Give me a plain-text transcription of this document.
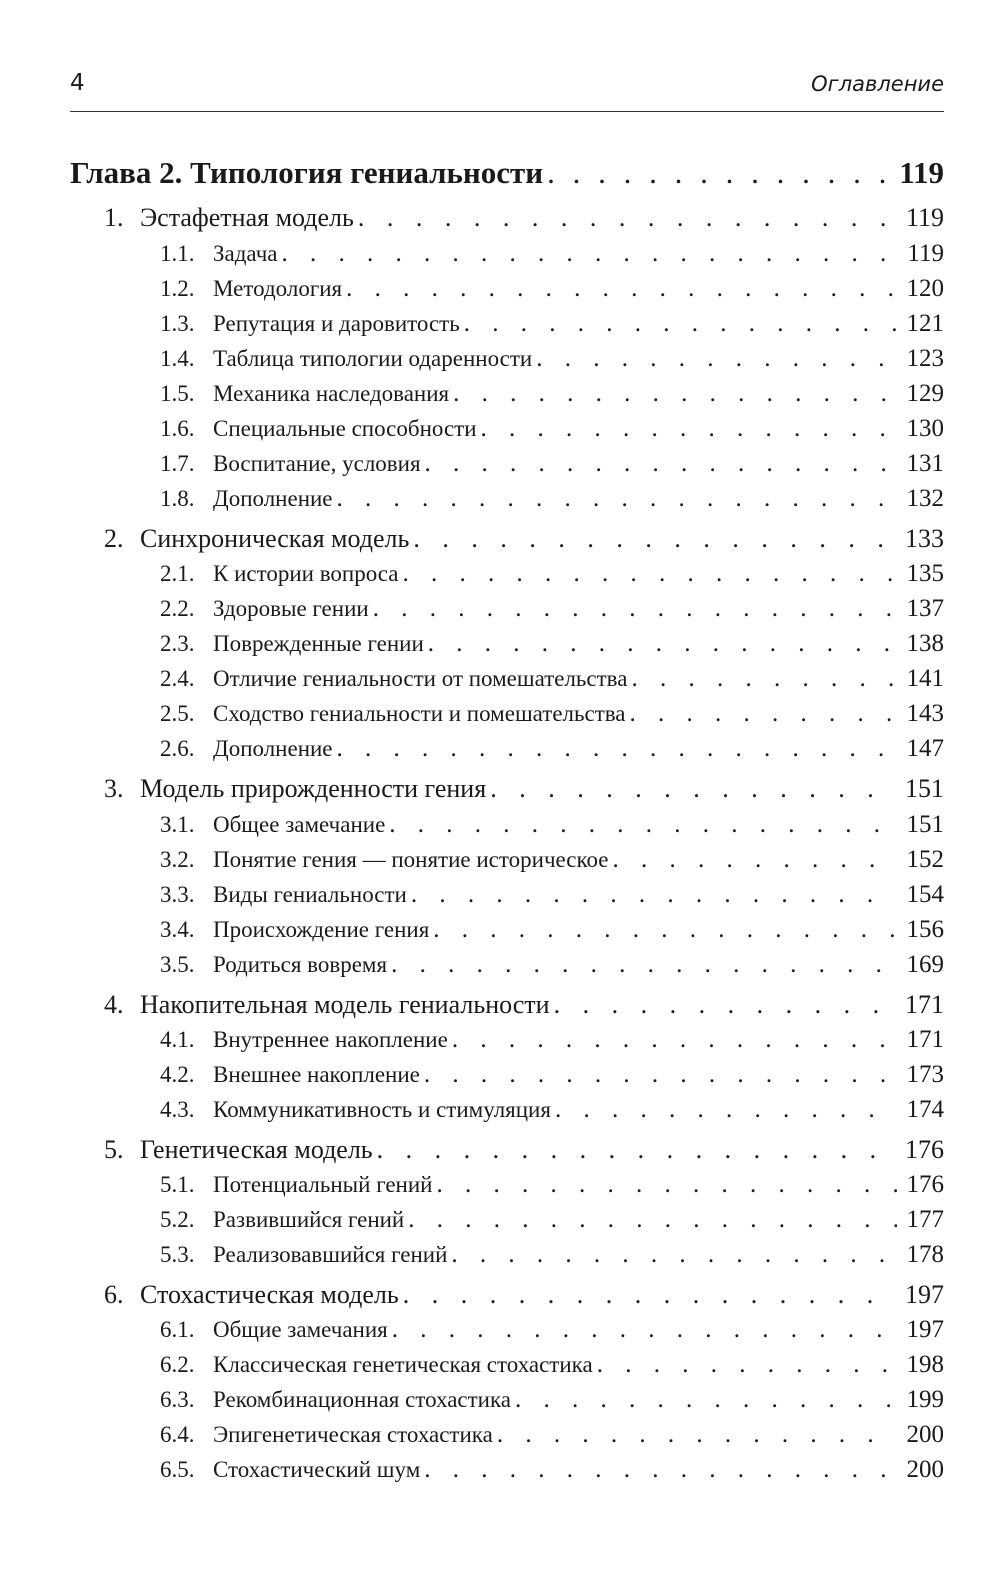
4	Оглавление
Глава 2. Типология гениальности . . .	119
1. Эстафетная модель . . .	119
1.1. Задача . . .	119
1.2. Методология . . .	120
1.3. Репутация и даровитость . . .	121
1.4. Таблица типологии одаренности . . .	123
1.5. Механика наследования . . .	129
1.6. Специальные способности . . .	130
1.7. Воспитание, условия . . .	131
1.8. Дополнение . . .	132
2. Синхроническая модель . . .	133
2.1. К истории вопроса . . .	135
2.2. Здоровые гении . . .	137
2.3. Поврежденные гении . . .	138
2.4. Отличие гениальности от помешательства . . .	141
2.5. Сходство гениальности и помешательства . . .	143
2.6. Дополнение . . .	147
3. Модель прирожденности гения . . .	151
3.1. Общее замечание . . .	151
3.2. Понятие гения — понятие историческое . . .	152
3.3. Виды гениальности . . .	154
3.4. Происхождение гения . . .	156
3.5. Родиться вовремя . . .	169
4. Накопительная модель гениальности . . .	171
4.1. Внутреннее накопление . . .	171
4.2. Внешнее накопление . . .	173
4.3. Коммуникативность и стимуляция . . .	174
5. Генетическая модель . . .	176
5.1. Потенциальный гений . . .	176
5.2. Развившийся гений . . .	177
5.3. Реализовавшийся гений . . .	178
6. Стохастическая модель . . .	197
6.1. Общие замечания . . .	197
6.2. Классическая генетическая стохастика . . .	198
6.3. Рекомбинационная стохастика . . .	199
6.4. Эпигенетическая стохастика . . .	200
6.5. Стохастический шум . . .	200
